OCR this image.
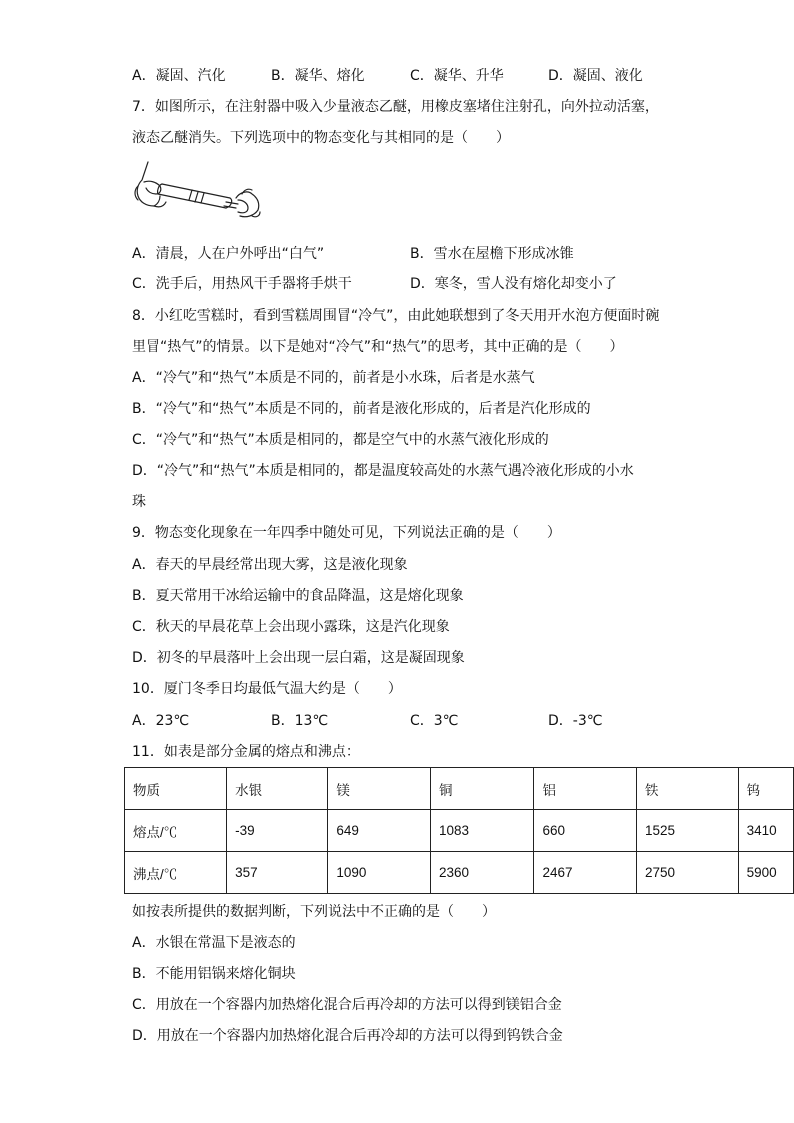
A．凝固、汽化	B．凝华、熔化	C．凝华、升华	D．凝固、液化
7．如图所示，在注射器中吸入少量液态乙醚，用橡皮塞堵住注射孔，向外拉动活塞，
液态乙醚消失。下列选项中的物态变化与其相同的是（　　）
A．清晨，人在户外呼出“白气”	B．雪水在屋檐下形成冰锥
C．洗手后，用热风干手器将手烘干	D．寒冬，雪人没有熔化却变小了
8．小红吃雪糕时，看到雪糕周围冒“冷气”，由此她联想到了冬天用开水泡方便面时碗
里冒“热气”的情景。以下是她对“冷气”和“热气”的思考，其中正确的是（　　）
A．“冷气”和“热气”本质是不同的，前者是小水珠，后者是水蒸气
B．“冷气”和“热气”本质是不同的，前者是液化形成的，后者是汽化形成的
C．“冷气”和“热气”本质是相同的，都是空气中的水蒸气液化形成的
D．“冷气”和“热气”本质是相同的，都是温度较高处的水蒸气遇冷液化形成的小水
珠
9．物态变化现象在一年四季中随处可见，下列说法正确的是（　　）
A．春天的早晨经常出现大雾，这是液化现象
B．夏天常用干冰给运输中的食品降温，这是熔化现象
C．秋天的早晨花草上会出现小露珠，这是汽化现象
D．初冬的早晨落叶上会出现一层白霜，这是凝固现象
10．厦门冬季日均最低气温大约是（　　）
A．23℃	B．13℃	C．3℃	D．-3℃
11．如表是部分金属的熔点和沸点：
物质	水银	镁	铜	铝	铁	钨
熔点/℃	-39	649	1083	660	1525	3410
沸点/℃	357	1090	2360	2467	2750	5900
如按表所提供的数据判断，下列说法中不正确的是（　　）
A．水银在常温下是液态的
B．不能用铝锅来熔化铜块
C．用放在一个容器内加热熔化混合后再冷却的方法可以得到镁铝合金
D．用放在一个容器内加热熔化混合后再冷却的方法可以得到钨铁合金
